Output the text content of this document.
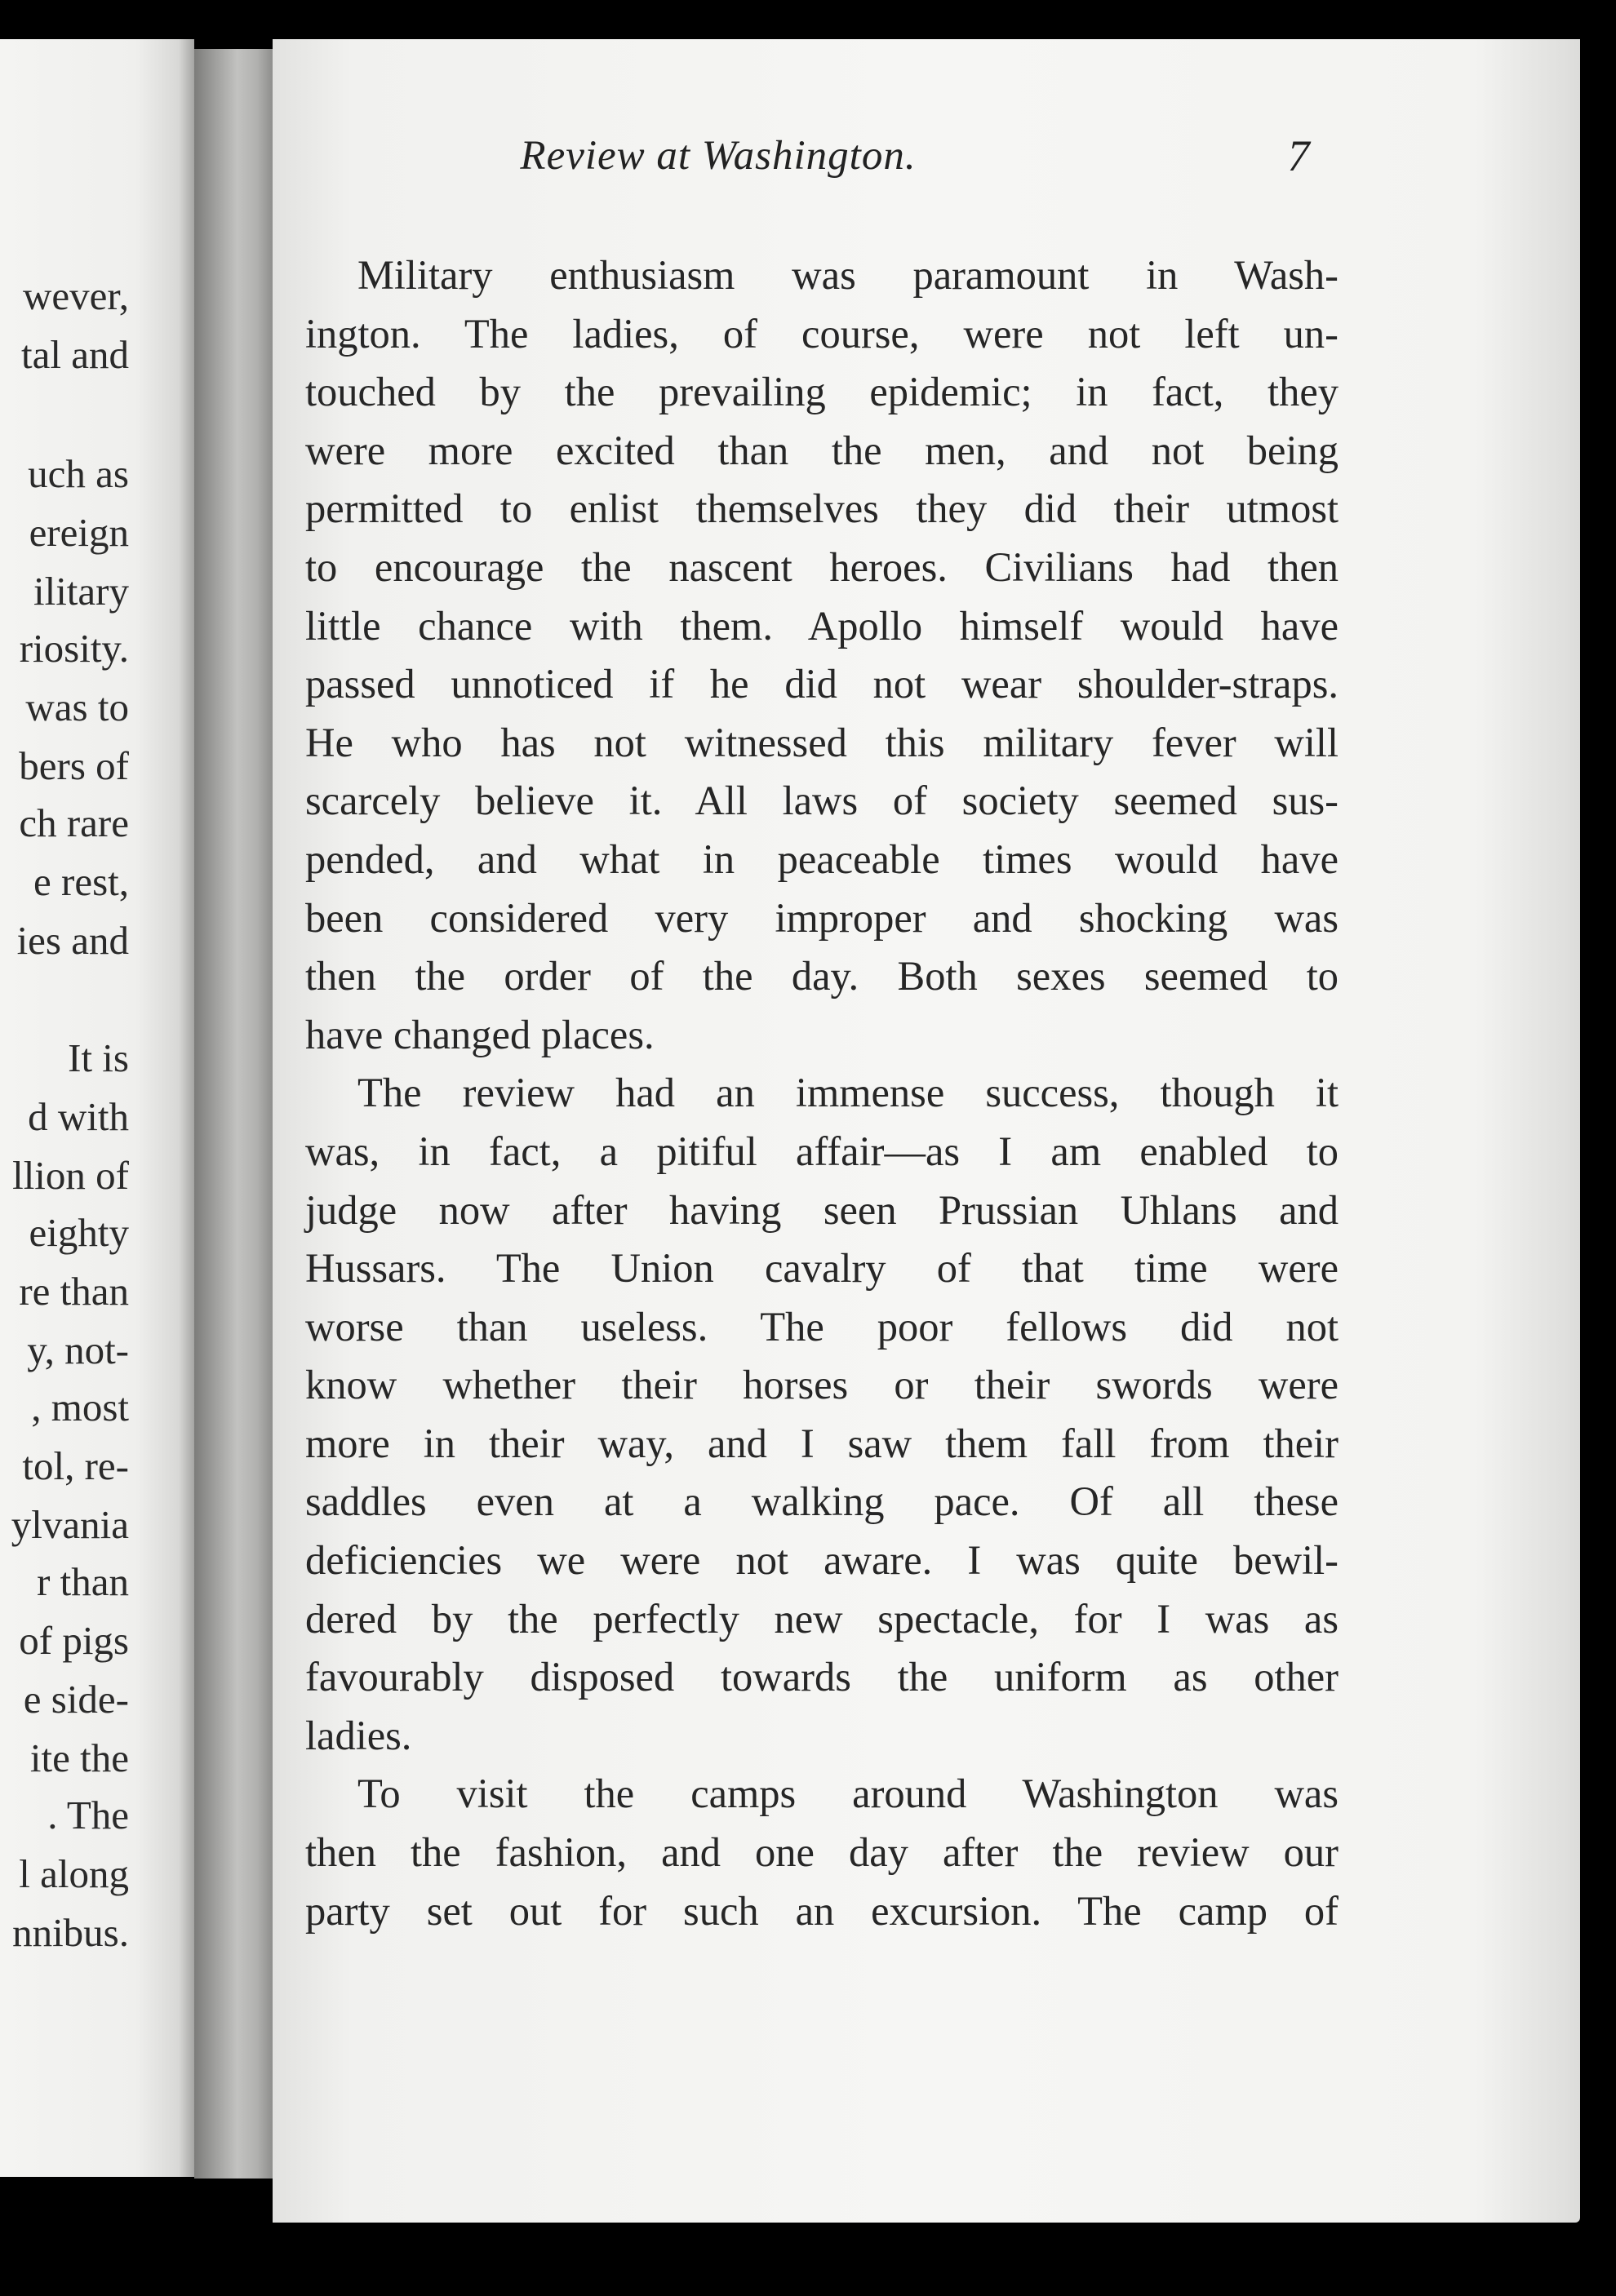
wever,
tal and
uch as
ereign
ilitary
riosity.
was to
bers of
ch rare
e rest,
ies and
It is
d with
llion of
eighty
re than
y, not-
, most
tol, re-
ylvania
r than
of pigs
e side-
ite the
. The
l along
nnibus.
Review at Washington.	7
Military enthusiasm was paramount in Wash-
ington. The ladies, of course, were not left un-
touched by the prevailing epidemic; in fact, they
were more excited than the men, and not being
permitted to enlist themselves they did their utmost
to encourage the nascent heroes. Civilians had then
little chance with them. Apollo himself would have
passed unnoticed if he did not wear shoulder-straps.
He who has not witnessed this military fever will
scarcely believe it. All laws of society seemed sus-
pended, and what in peaceable times would have
been considered very improper and shocking was
then the order of the day. Both sexes seemed to
have changed places.
The review had an immense success, though it
was, in fact, a pitiful affair—as I am enabled to
judge now after having seen Prussian Uhlans and
Hussars. The Union cavalry of that time were
worse than useless. The poor fellows did not
know whether their horses or their swords were
more in their way, and I saw them fall from their
saddles even at a walking pace. Of all these
deficiencies we were not aware. I was quite bewil-
dered by the perfectly new spectacle, for I was as
favourably disposed towards the uniform as other
ladies.
To visit the camps around Washington was
then the fashion, and one day after the review our
party set out for such an excursion. The camp of
